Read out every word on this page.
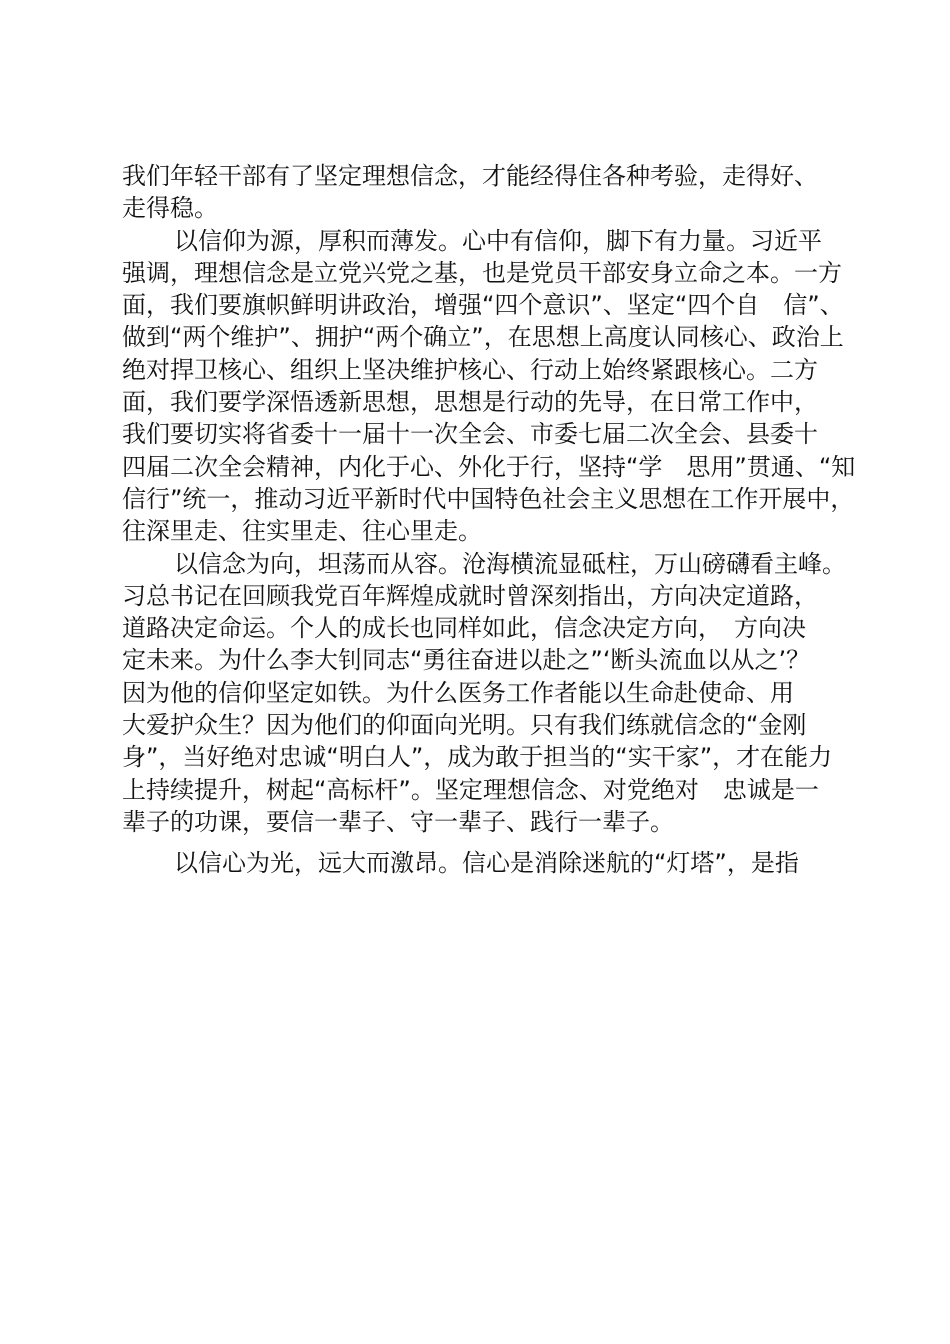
我们年轻干部有了坚定理想信念，才能经得住各种考验，走得好、
走得稳。
以信仰为源，厚积而薄发。心中有信仰，脚下有力量。习近平
强调，理想信念是立党兴党之基，也是党员干部安身立命之本。一方
面，我们要旗帜鲜明讲政治，增强“四个意识”、坚定“四个自　信”、
做到“两个维护”、拥护“两个确立”，在思想上高度认同核心、政治上
绝对捍卫核心、组织上坚决维护核心、行动上始终紧跟核心。二方
面，我们要学深悟透新思想，思想是行动的先导，在日常工作中，
我们要切实将省委十一届十一次全会、市委七届二次全会、县委十
四届二次全会精神，内化于心、外化于行，坚持“学　思用”贯通、“知
信行”统一，推动习近平新时代中国特色社会主义思想在工作开展中，
往深里走、往实里走、往心里走。
以信念为向，坦荡而从容。沧海横流显砥柱，万山磅礴看主峰。
习总书记在回顾我党百年辉煌成就时曾深刻指出，方向决定道路，
道路决定命运。个人的成长也同样如此，信念决定方向，　方向决
定未来。为什么李大钊同志“勇往奋进以赴之”‘断头流血以从之’？
因为他的信仰坚定如铁。为什么医务工作者能以生命赴使命、用
大爱护众生？因为他们的仰面向光明。只有我们练就信念的“金刚
身”，当好绝对忠诚“明白人”，成为敢于担当的“实干家”，才在能力
上持续提升，树起“高标杆”。坚定理想信念、对党绝对　忠诚是一
辈子的功课，要信一辈子、守一辈子、践行一辈子。
以信心为光，远大而激昂。信心是消除迷航的“灯塔”，是指
